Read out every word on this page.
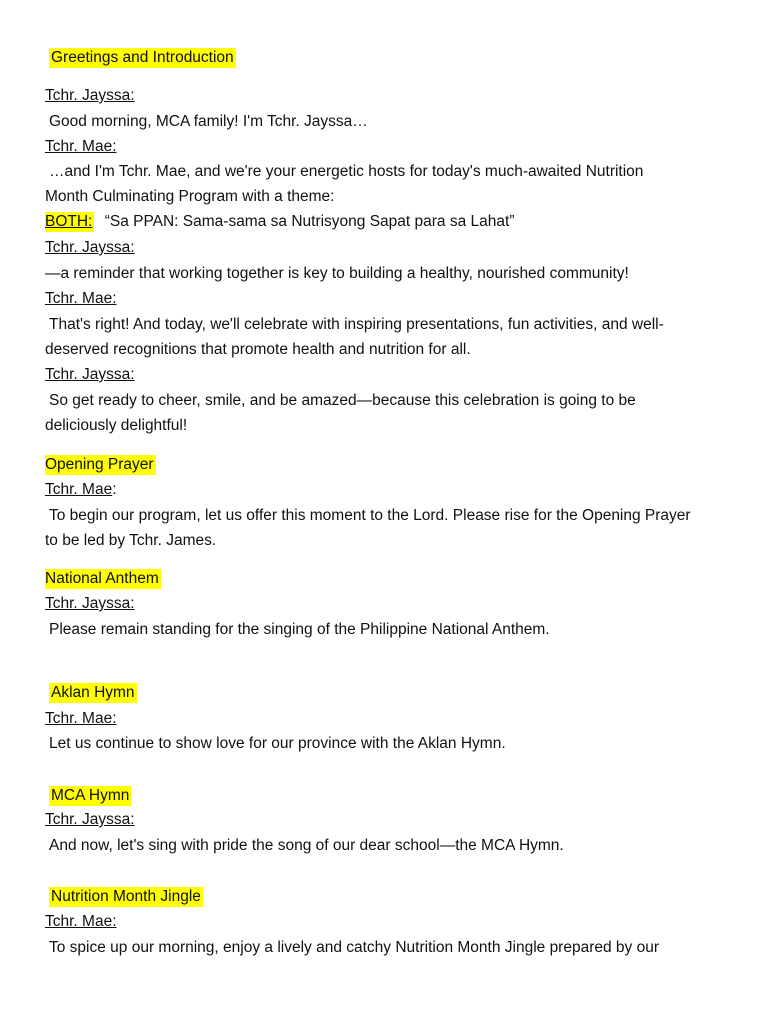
Greetings and Introduction
Tchr. Jayssa:
Good morning, MCA family! I'm Tchr. Jayssa…
Tchr. Mae:
…and I'm Tchr. Mae, and we're your energetic hosts for today's much-awaited Nutrition
Month Culminating Program with a theme:
BOTH: “Sa PPAN: Sama-sama sa Nutrisyong Sapat para sa Lahat”
Tchr. Jayssa:
—a reminder that working together is key to building a healthy, nourished community!
Tchr. Mae:
That's right! And today, we'll celebrate with inspiring presentations, fun activities, and well-
deserved recognitions that promote health and nutrition for all.
Tchr. Jayssa:
So get ready to cheer, smile, and be amazed—because this celebration is going to be
deliciously delightful!
Opening Prayer
Tchr. Mae:
To begin our program, let us offer this moment to the Lord. Please rise for the Opening Prayer
to be led by Tchr. James.
National Anthem
Tchr. Jayssa:
Please remain standing for the singing of the Philippine National Anthem.
Aklan Hymn
Tchr. Mae:
Let us continue to show love for our province with the Aklan Hymn.
MCA Hymn
Tchr. Jayssa:
And now, let's sing with pride the song of our dear school—the MCA Hymn.
Nutrition Month Jingle
Tchr. Mae:
To spice up our morning, enjoy a lively and catchy Nutrition Month Jingle prepared by our
